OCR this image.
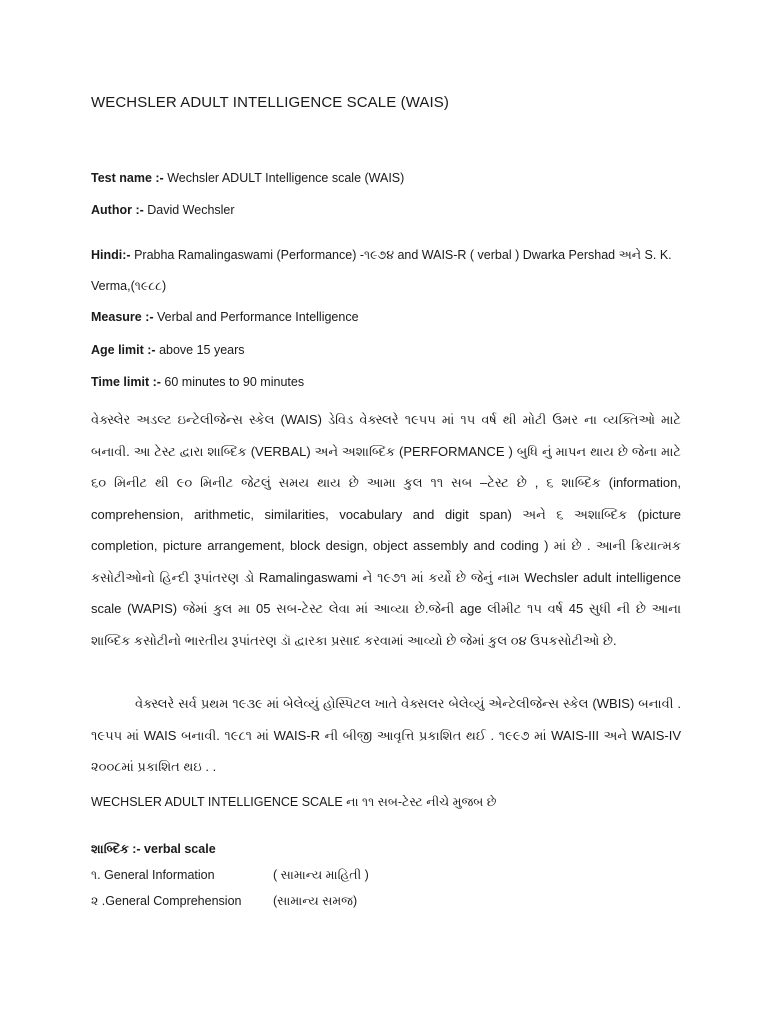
WECHSLER ADULT INTELLIGENCE SCALE (WAIS)
Test name :- Wechsler ADULT Intelligence scale (WAIS)
Author :- David Wechsler
Hindi:- Prabha Ramalingaswami (Performance) -૧૯૭૪ and WAIS-R ( verbal ) Dwarka Pershad અને S. K. Verma,(૧૯૮૮)
Measure :- Verbal and Performance Intelligence
Age limit :- above 15 years
Time limit :- 60 minutes to 90 minutes
વેક્સ્લેર અડલ્ટ ઇન્ટેલીજેન્સ સ્કેલ (WAIS) ડેવિડ વેક્સ્લરે ૧૯૫૫ માં ૧૫ વર્ષ થી મોટી ઉમર ના વ્યક્તિઓ માટે બનાવી. આ ટેસ્ટ દ્વારા શાબ્દિક (VERBAL) અને અશાબ્દિક (PERFORMANCE ) બુધિ નું માપન થાય છે જેના માટે ૬૦ મિનીટ થી ૯૦ મિનીટ જેટલું સમય થાય છે આમા કુલ ૧૧ સબ –ટેસ્ટ છે , ૬ શાબ્દિક (information, comprehension, arithmetic, similarities, vocabulary and digit span) અને ૬ અશાબ્દિક (picture completion, picture arrangement, block design, object assembly and coding ) માં છે . આની ક્રિયાત્મક કસોટીઓનો હિન્દી રૂપાંતરણ ડો Ramalingaswami ને ૧૯૭૧ માં કર્યો છે જેનું નામ Wechsler adult intelligence scale (WAPIS) જેમાં કુલ મા 05 સબ-ટેસ્ટ લેવા માં આવ્યા છે.જેની age લીમીટ ૧૫ વર્ષ 45 સુધી ની છે આના શાબ્દિક કસોટીનો ભારતીય રૂપાંતરણ ડૉ દ્વારકા પ્રસાદ કરવામાં આવ્યો છે જેમાં કુલ ૦૪ ઉપકસોટીઓ છે.
વેક્સ્લરે સર્વ પ્રથમ ૧૯૩૯ માં બેલેવ્યું હોસ્પિટલ ખાતે વેક્સલર બેલેવ્યું એન્ટેલીજેન્સ સ્કેલ (WBIS) બનાવી . ૧૯૫૫ માં WAIS બનાવી. ૧૯૮૧ માં WAIS-R ની બીજી આવૃત્તિ પ્રકાશિત થઈ . ૧૯૯૭ માં WAIS-III અને WAIS-IV ૨૦૦૮માં પ્રકાશિત થઇ . .
WECHSLER ADULT INTELLIGENCE SCALE ના ૧૧ સબ-ટેસ્ટ નીચે મુજબ છે
શાબ્દિક :- verbal scale
૧. General Information	( સામાન્ય માહિતી )
૨ .General Comprehension	(સામાન્ય સમજ)
